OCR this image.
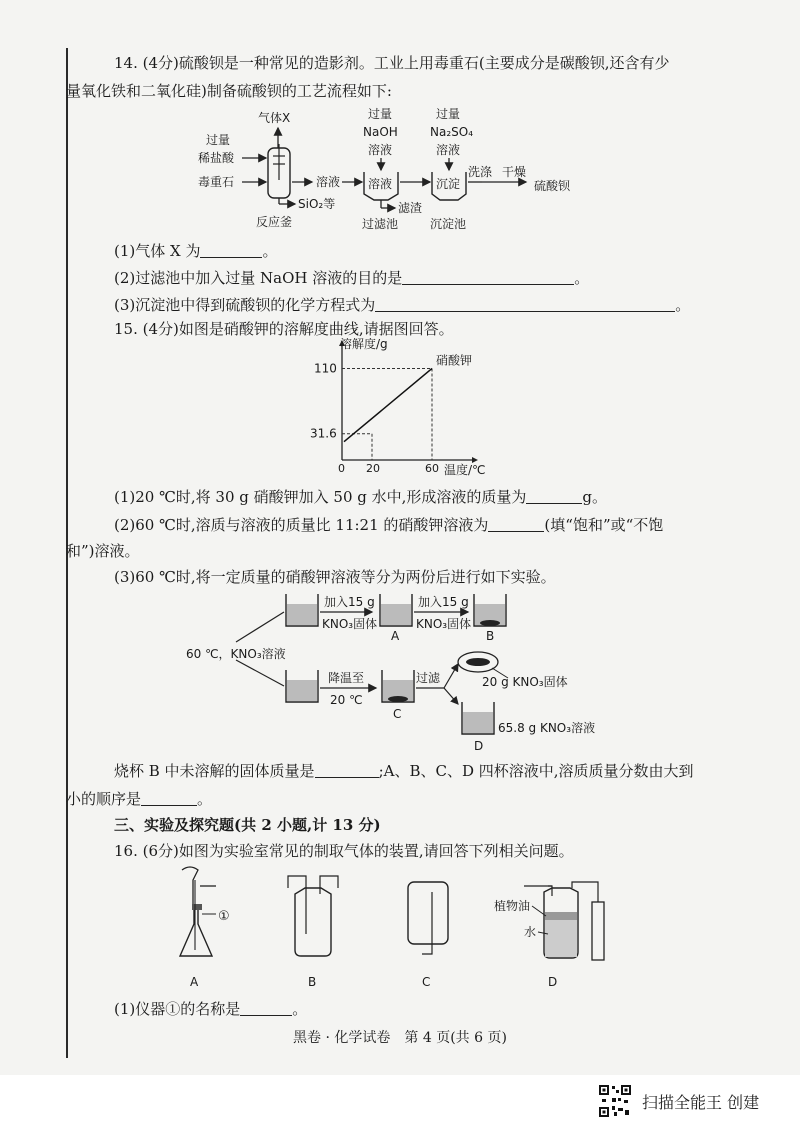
14. (4分)硫酸钡是一种常见的造影剂。工业上用毒重石(主要成分是碳酸钡,还含有少
量氧化铁和二氧化硅)制备硫酸钡的工艺流程如下:
气体X
过量
稀盐酸
毒重石
SiO₂等
反应釜
溶液
过量
NaOH
溶液
溶液
滤渣
过滤池
过量
Na₂SO₄
溶液
沉淀
沉淀池
洗涤 干燥
硫酸钡
(1)气体 X 为	。
(2)过滤池中加入过量 NaOH 溶液的目的是	。
(3)沉淀池中得到硫酸钡的化学方程式为	。
15. (4分)如图是硝酸钾的溶解度曲线,请据图回答。
溶解度/g
温度/℃
硝酸钾
110
31.6
0 20	60
(1)20 ℃时,将 30 g 硝酸钾加入 50 g 水中,形成溶液的质量为	g。
(2)60 ℃时,溶质与溶液的质量比 11:21 的硝酸钾溶液为	(填“饱和”或“不饱
和”)溶液。
(3)60 ℃时,将一定质量的硝酸钾溶液等分为两份后进行如下实验。
加入15 g
KNO₃固体
A
加入15 g
KNO₃固体
B
60 ℃，KNO₃溶液
降温至
20 ℃
C
过滤	20 g KNO₃固体
D
65.8 g KNO₃溶液
烧杯 B 中未溶解的固体质量是	;A、B、C、D 四杯溶液中,溶质质量分数由大到
小的顺序是	。
三、实验及探究题(共 2 小题,计 13 分)
16. (6分)如图为实验室常见的制取气体的装置,请回答下列相关问题。
①
A	B	C
植物油
水
D
(1)仪器①的名称是	。
黑卷 · 化学试卷　第 4 页(共 6 页)
扫描全能王 创建
